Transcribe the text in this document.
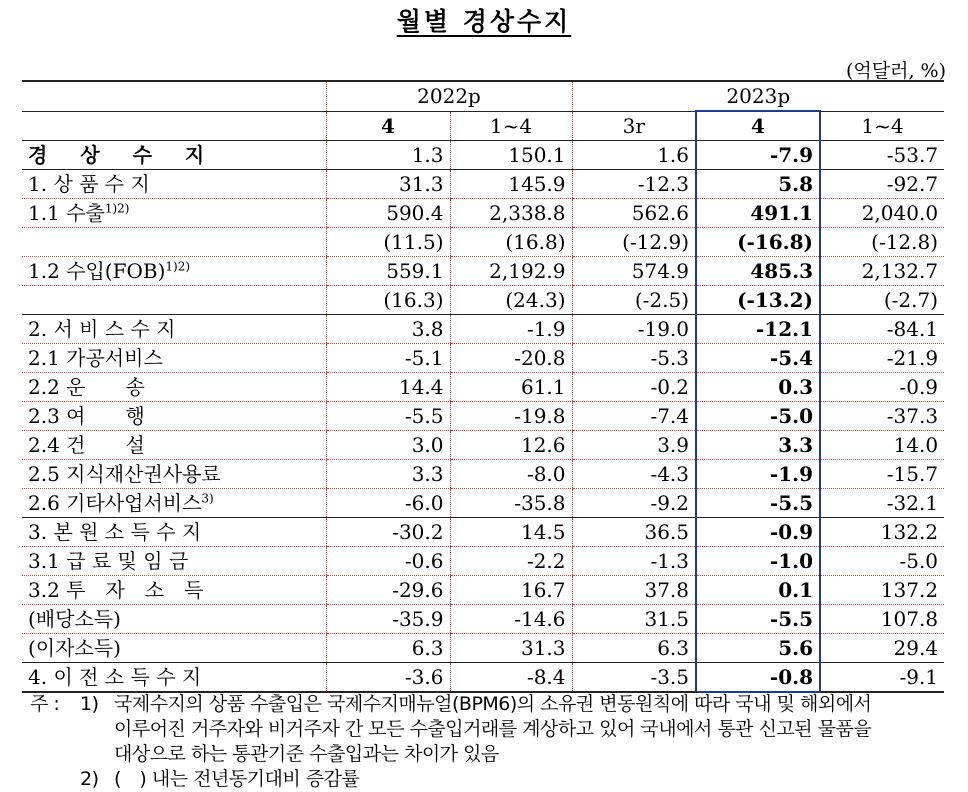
월별 경상수지
(억달러, %)
	2022p		2023p		
	4	1~4	3r	4	1~4
경 상 수 지	1.3	150.1	1.6	-7.9	-53.7
1. 상 품 수 지	31.3	145.9	-12.3	5.8	-92.7
1.1 수출$^{1)2)}$	590.4	2,338.8	562.6	491.1	2,040.0
	(11.5)	(16.8)	(-12.9)	(-16.8)	(-12.8)
1.2 수입(FOB)$^{1)2)}$	559.1	2,192.9	574.9	485.3	2,132.7
	(16.3)	(24.3)	(-2.5)	(-13.2)	(-2.7)
2. 서 비 스 수 지	3.8	-1.9	-19.0	-12.1	-84.1
2.1 가공서비스	-5.1	-20.8	-5.3	-5.4	-21.9
2.2 운　　송	14.4	61.1	-0.2	0.3	-0.9
2.3 여　　행	-5.5	-19.8	-7.4	-5.0	-37.3
2.4 건　　설	3.0	12.6	3.9	3.3	14.0
2.5 지식재산권사용료	3.3	-8.0	-4.3	-1.9	-15.7
2.6 기타사업서비스$^{3)}$	-6.0	-35.8	-9.2	-5.5	-32.1
3. 본 원 소 득 수 지	-30.2	14.5	36.5	-0.9	132.2
3.1 급 료 및 임 금	-0.6	-2.2	-1.3	-1.0	-5.0
3.2 투　자　소　득	-29.6	16.7	37.8	0.1	137.2
(배당소득)	-35.9	-14.6	31.5	-5.5	107.8
(이자소득)	6.3	31.3	6.3	5.6	29.4
4. 이 전 소 득 수 지	-3.6	-8.4	-3.5	-0.8	-9.1
주 :	1) 국제수지의 상품 수출입은 국제수지매뉴얼(BPM6)의 소유권 변동원칙에 따라 국내 및 해외에서
이루어진 거주자와 비거주자 간 모든 수출입거래를 계상하고 있어 국내에서 통관 신고된 물품을
대상으로 하는 통관기준 수출입과는 차이가 있음
2) (　) 내는 전년동기대비 증감률
